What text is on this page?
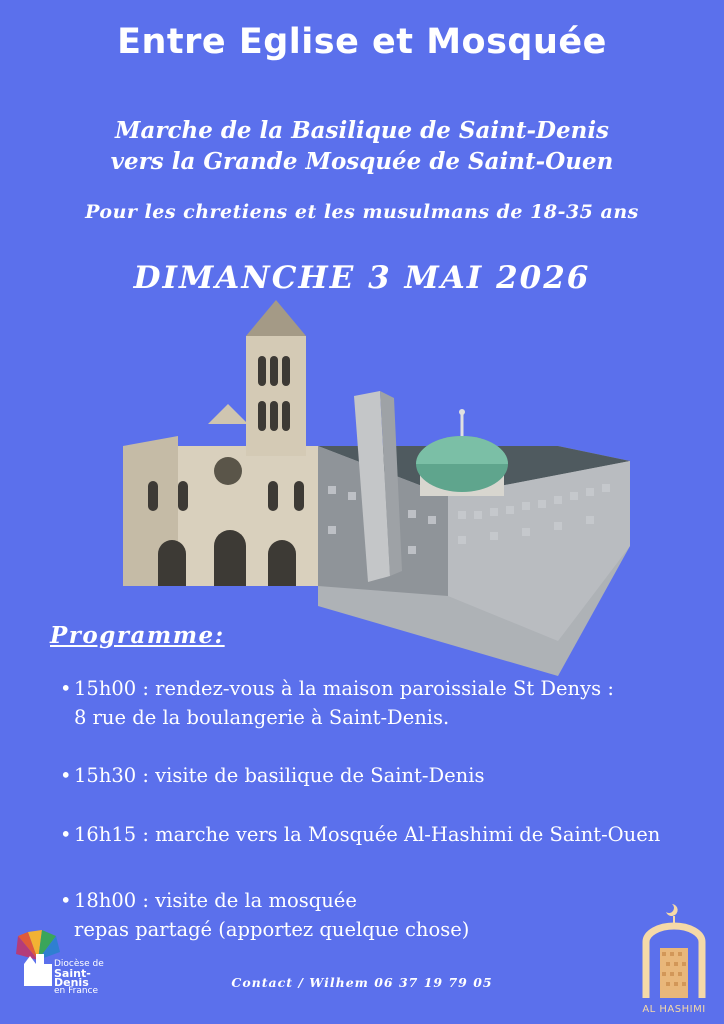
Entre Eglise et Mosquée
Marche de la Basilique de Saint-Denis
vers la Grande Mosquée de Saint-Ouen
Pour les chretiens et les musulmans de 18-35 ans
DIMANCHE 3 MAI 2026
Programme:
• 15h00 : rendez-vous à la maison paroissiale St Denys :
8 rue de la boulangerie à Saint-Denis.
• 15h30 : visite de basilique de Saint-Denis
• 16h15 : marche vers la Mosquée Al-Hashimi de Saint-Ouen
• 18h00 : visite de la mosquée
repas partagé (apportez quelque chose)
Diocèse de
Saint-Denis
en France
Contact / Wilhem 06 37 19 79 05
AL HASHIMI
